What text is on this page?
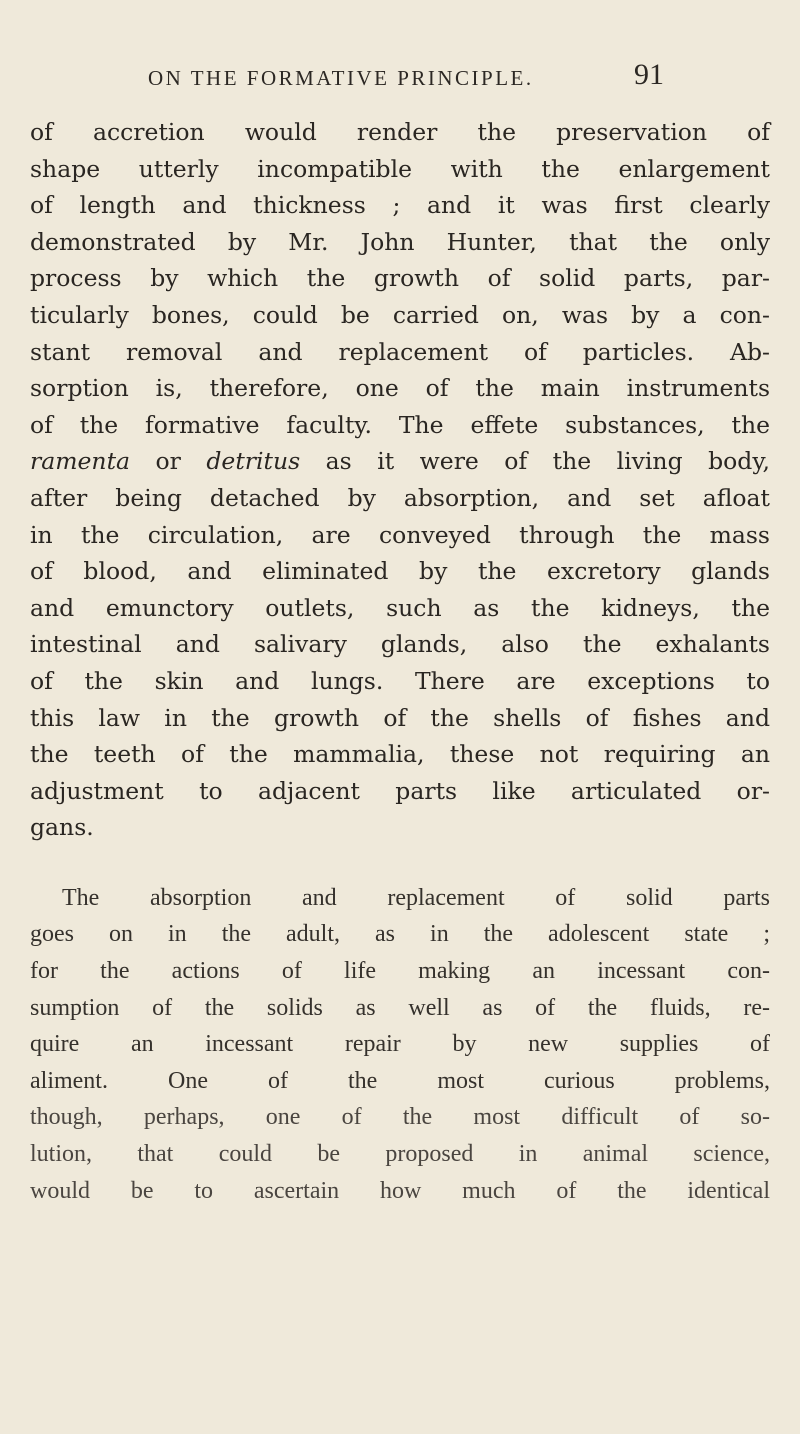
ON THE FORMATIVE PRINCIPLE.	91
of accretion would render the preservation of
shape utterly incompatible with the enlargement
of length and thickness ; and it was first clearly
demonstrated by Mr. John Hunter, that the only
process by which the growth of solid parts, par-
ticularly bones, could be carried on, was by a con-
stant removal and replacement of particles. Ab-
sorption is, therefore, one of the main instruments
of the formative faculty. The effete substances, the
ramenta or detritus as it were of the living body,
after being detached by absorption, and set afloat
in the circulation, are conveyed through the mass
of blood, and eliminated by the excretory glands
and emunctory outlets, such as the kidneys, the
intestinal and salivary glands, also the exhalants
of the skin and lungs. There are exceptions to
this law in the growth of the shells of fishes and
the teeth of the mammalia, these not requiring an
adjustment to adjacent parts like articulated or-
gans.
The absorption and replacement of solid parts
goes on in the adult, as in the adolescent state ;
for the actions of life making an incessant con-
sumption of the solids as well as of the fluids, re-
quire an incessant repair by new supplies of
aliment. One of the most curious problems,
though, perhaps, one of the most difficult of so-
lution, that could be proposed in animal science,
would be to ascertain how much of the identical
